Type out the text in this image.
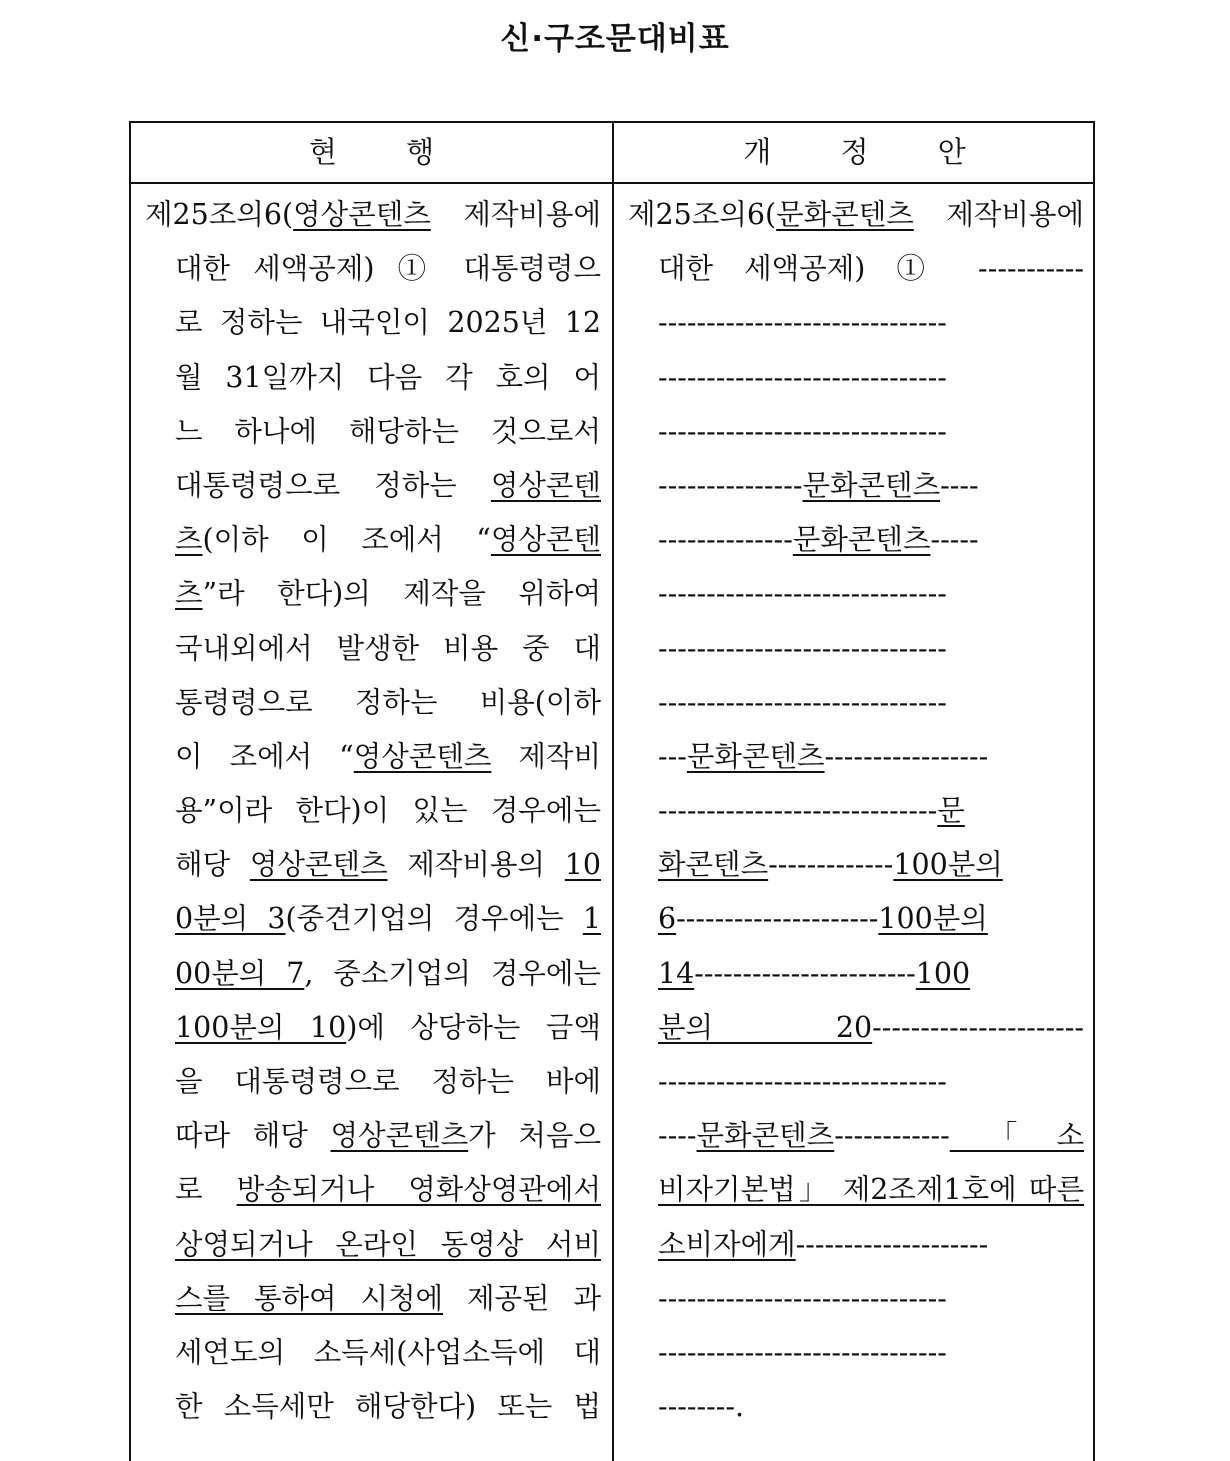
신·구조문대비표
현 행	개 정 안
제25조의6(영상콘텐츠 제작비용에
대한 세액공제) ① 대통령령으
로 정하는 내국인이 2025년 12
월 31일까지 다음 각 호의 어
느 하나에 해당하는 것으로서
대통령령으로 정하는 영상콘텐
츠(이하 이 조에서 “영상콘텐
츠”라 한다)의 제작을 위하여
국내외에서 발생한 비용 중 대
통령령으로 정하는 비용(이하
이 조에서 “영상콘텐츠 제작비
용”이라 한다)이 있는 경우에는
해당 영상콘텐츠 제작비용의 10
0분의 3(중견기업의 경우에는 1
00분의 7, 중소기업의 경우에는
100분의 10)에 상당하는 금액
을 대통령령으로 정하는 바에
따라 해당 영상콘텐츠가 처음으
로 방송되거나 영화상영관에서
상영되거나 온라인 동영상 서비
스를 통하여 시청에 제공된 과
세연도의 소득세(사업소득에 대
한 소득세만 해당한다) 또는 법
제25조의6(문화콘텐츠 제작비용에
대한 세액공제) ① -----------
------------------------------
------------------------------
------------------------------
---------------문화콘텐츠----
--------------문화콘텐츠-----
------------------------------
------------------------------
------------------------------
---문화콘텐츠-----------------
-----------------------------문
화콘텐츠-------------100분의
6---------------------100분의
14-----------------------100
분의 20----------------------
------------------------------
----문화콘텐츠------------「소
비자기본법」 제2조제1호에 따른
소비자에게--------------------
------------------------------
------------------------------
--------.
